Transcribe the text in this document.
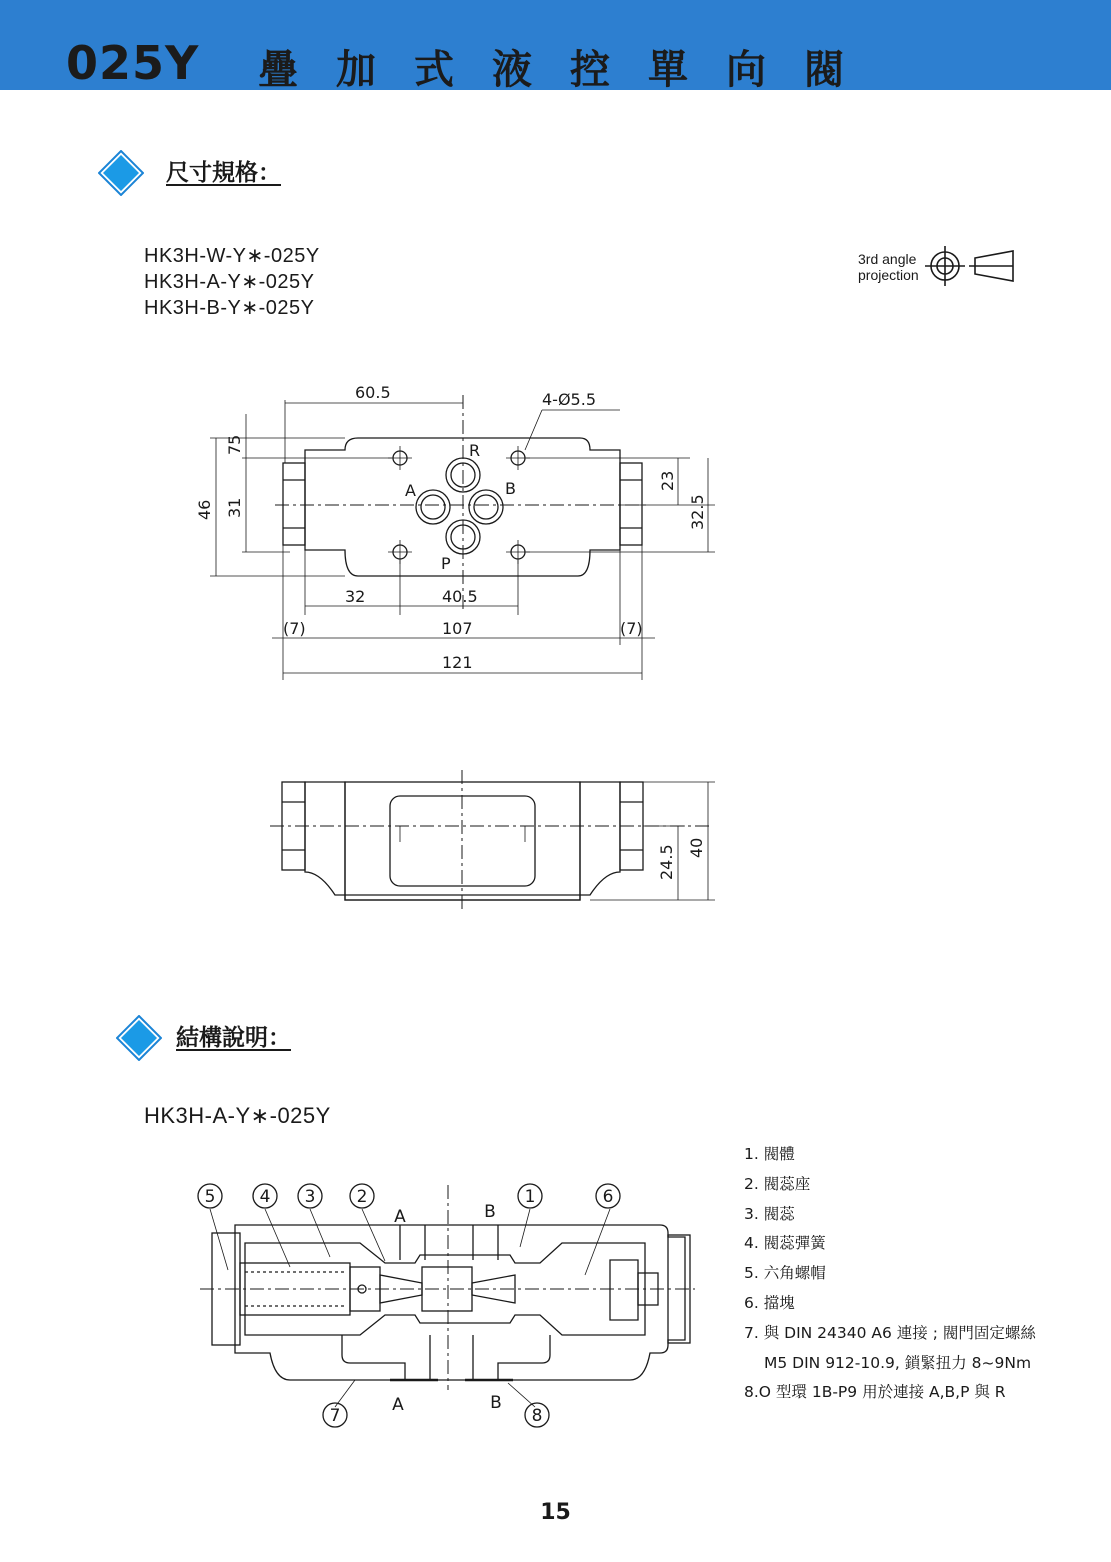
025Y 疊加式液控單向閥
尺寸規格：
HK3H-W-Y∗-025Y
HK3H-A-Y∗-025Y
HK3H-B-Y∗-025Y
3rd angle
projection
60.5	4-Ø5.5
75
46 31
23
32.5
32	40.5
(7)	107	(7)
121
R
A	B
P
24.5 40
結構說明：
HK3H-A-Y∗-025Y
5	4 3 2	1	6
7	8
A	B
A	B
1. 閥體
2. 閥蕊座
3. 閥蕊
4. 閥蕊彈簧
5. 六角螺帽
6. 擋塊
7. 與 DIN 24340 A6 連接 ; 閥門固定螺絲
M5 DIN 912-10.9, 鎖緊扭力 8~9Nm
8.O 型環 1B-P9 用於連接 A,B,P 與 R
15
